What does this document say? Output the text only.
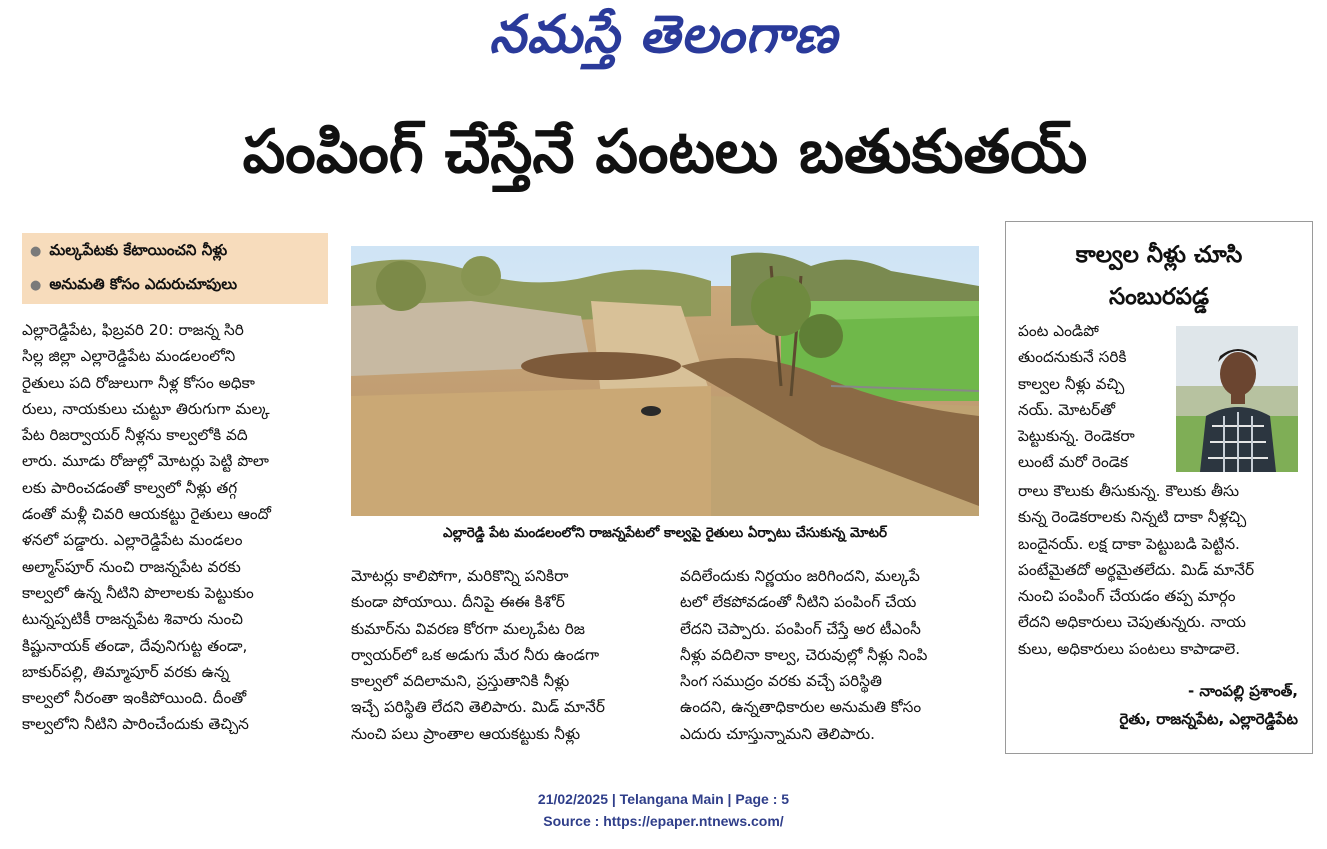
నమస్తే తెలంగాణ
పంపింగ్ చేస్తేనే పంటలు బతుకుతయ్
● మల్కపేటకు కేటాయించని నీళ్లు
● అనుమతి కోసం ఎదురుచూపులు

ఎల్లారెడ్డిపేట, ఫిబ్రవరి 20: రాజన్న సిరి

సిల్ల జిల్లా ఎల్లారెడ్డిపేట మండలంలోని

రైతులు పది రోజులుగా నీళ్ల కోసం అధికా

రులు, నాయకులు చుట్టూ తిరుగుగా మల్క

పేట రిజర్వాయర్ నీళ్లను కాల్వలోకి వది

లారు. మూడు రోజుల్లో మోటర్లు పెట్టి పొలా

లకు పారించడంతో కాల్వలో నీళ్లు తగ్గ

డంతో మళ్లీ చివరి ఆయకట్టు రైతులు ఆందో

ళనలో పడ్డారు. ఎల్లారెడ్డిపేట మండలం

అల్మాస్‌పూర్ నుంచి రాజన్నపేట వరకు

కాల్వలో ఉన్న నీటిని పొలాలకు పెట్టుకుం

టున్నప్పటికీ రాజన్నపేట శివారు నుంచి

కిష్టునాయక్ తండా, దేవునిగుట్ట తండా,

బాకుర్‌పల్లి, తిమ్మాపూర్ వరకు ఉన్న

కాల్వలో నీరంతా ఇంకిపోయింది. దీంతో

కాల్వలోని నీటిని పారించేందుకు తెచ్చిన

ఎల్లారెడ్డి పేట మండలంలోని రాజన్నపేటలో కాల్వపై రైతులు ఏర్పాటు చేసుకున్న మోటర్

మోటర్లు కాలిపోగా, మరికొన్ని పనికిరా

కుండా పోయాయి. దీనిపై ఈఈ కిశోర్

కుమార్‌ను వివరణ కోరగా మల్కపేట రిజ

ర్వాయర్‌లో ఒక అడుగు మేర నీరు ఉండగా

కాల్వలో వదిలామని, ప్రస్తుతానికి నీళ్లు

ఇచ్చే పరిస్థితి లేదని తెలిపారు. మిడ్ మానేర్

నుంచి పలు ప్రాంతాల ఆయకట్టుకు నీళ్లు

వదిలేందుకు నిర్ణయం జరిగిందని, మల్కపే

టలో లేకపోవడంతో నీటిని పంపింగ్ చేయ

లేదని చెప్పారు. పంపింగ్ చేస్తే అర టీఎంసీ

నీళ్లు వదిలినా కాల్వ, చెరువుల్లో నీళ్లు నింపి

సింగ సముద్రం వరకు వచ్చే పరిస్థితి

ఉందని, ఉన్నతాధికారుల అనుమతి కోసం

ఎదురు చూస్తున్నామని తెలిపారు.

కాల్వల నీళ్లు చూసి
సంబురపడ్డ

పంట ఎండిపో

తుందనుకునే సరికి

కాల్వల నీళ్లు వచ్చి

నయ్. మోటర్‌తో

పెట్టుకున్న. రెండెకరా

లుంటే మరో రెండెక

రాలు కౌలుకు తీసుకున్న. కౌలుకు తీసు

కున్న రెండెకరాలకు నిన్నటి దాకా నీళ్లచ్చి

బందైనయ్. లక్ష దాకా పెట్టుబడి పెట్టిన.

పంటేమైతదో అర్థమైతలేదు. మిడ్ మానేర్

నుంచి పంపింగ్ చేయడం తప్ప మార్గం

లేదని అధికారులు చెపుతున్నరు. నాయ

కులు, అధికారులు పంటలు కాపాడాలె.

- నాంపల్లి ప్రశాంత్,
రైతు, రాజన్నపేట, ఎల్లారెడ్డిపేట
21/02/2025 | Telangana Main | Page : 5
Source : https://epaper.ntnews.com/
